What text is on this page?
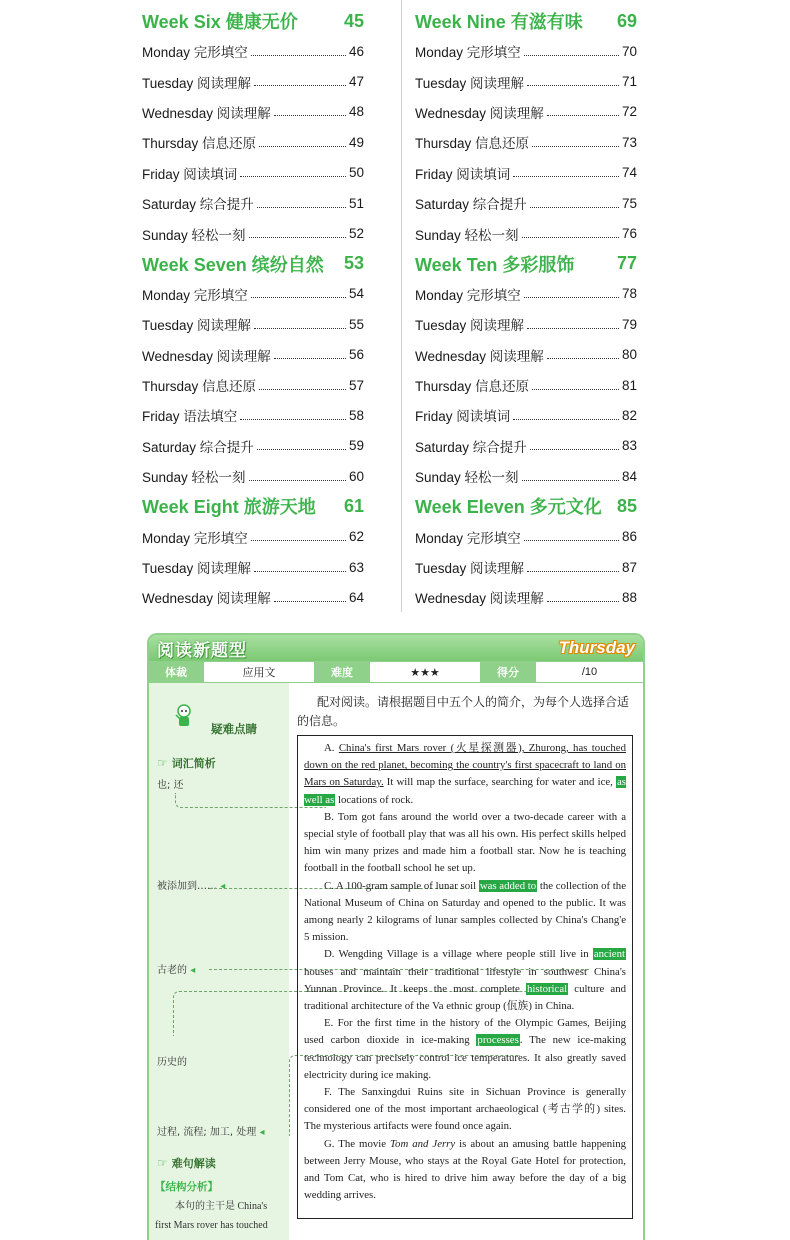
Week Six 健康无价	45
Monday 完形填空	46
Tuesday 阅读理解	47
Wednesday 阅读理解	48
Thursday 信息还原	49
Friday 阅读填词	50
Saturday 综合提升	51
Sunday 轻松一刻	52
Week Seven 缤纷自然 53
Monday 完形填空	54
Tuesday 阅读理解	55
Wednesday 阅读理解	56
Thursday 信息还原	57
Friday 语法填空	58
Saturday 综合提升	59
Sunday 轻松一刻	60
Week Eight 旅游天地 61
Monday 完形填空	62
Tuesday 阅读理解	63
Wednesday 阅读理解	64
Week Nine 有滋有味 69
Monday 完形填空	70
Tuesday 阅读理解	71
Wednesday 阅读理解	72
Thursday 信息还原	73
Friday 阅读填词	74
Saturday 综合提升	75
Sunday 轻松一刻	76
Week Ten 多彩服饰 77
Monday 完形填空	78
Tuesday 阅读理解	79
Wednesday 阅读理解	80
Thursday 信息还原	81
Friday 阅读填词	82
Saturday 综合提升	83
Sunday 轻松一刻	84
Week Eleven 多元文化 85
Monday 完形填空	86
Tuesday 阅读理解	87
Wednesday 阅读理解	88
阅读新题型	Thursday
体裁	应用文	难度	★★★	得分	/10
疑难点睛
☞ 词汇简析
也; 还
被添加到…… ◂
古老的 ◂
历史的
过程, 流程; 加工, 处理 ◂
☞ 难句解读
【结构分析】
本句的主干是 China's first Mars rover has touched
配对阅读。请根据题目中五个人的简介，为每个人选择合适的信息。

A. China's first Mars rover (火星探测器), Zhurong, has touched down on the red planet, becoming the country's first spacecraft to land on Mars on Saturday. It will map the surface, searching for water and ice, as well as locations of rock.

B. Tom got fans around the world over a two-decade career with a special style of football play that was all his own. His perfect skills helped him win many prizes and made him a football star. Now he is teaching football in the football school he set up.

C. A 100-gram sample of lunar soil was added to the collection of the National Museum of China on Saturday and opened to the public. It was among nearly 2 kilograms of lunar samples collected by China's Chang'e 5 mission.

D. Wengding Village is a village where people still live in ancient houses and maintain their traditional lifestyle in southwest China's Yunnan Province. It keeps the most complete historical culture and traditional architecture of the Va ethnic group (佤族) in China.

E. For the first time in the history of the Olympic Games, Beijing used carbon dioxide in ice-making processes. The new ice-making technology can precisely control ice temperatures. It also greatly saved electricity during ice making.

F. The Sanxingdui Ruins site in Sichuan Province is generally considered one of the most important archaeological (考古学的) sites. The mysterious artifacts were found once again.

G. The movie Tom and Jerry is about an amusing battle happening between Jerry Mouse, who stays at the Royal Gate Hotel for protection, and Tom Cat, who is hired to drive him away before the day of a big wedding arrives.
